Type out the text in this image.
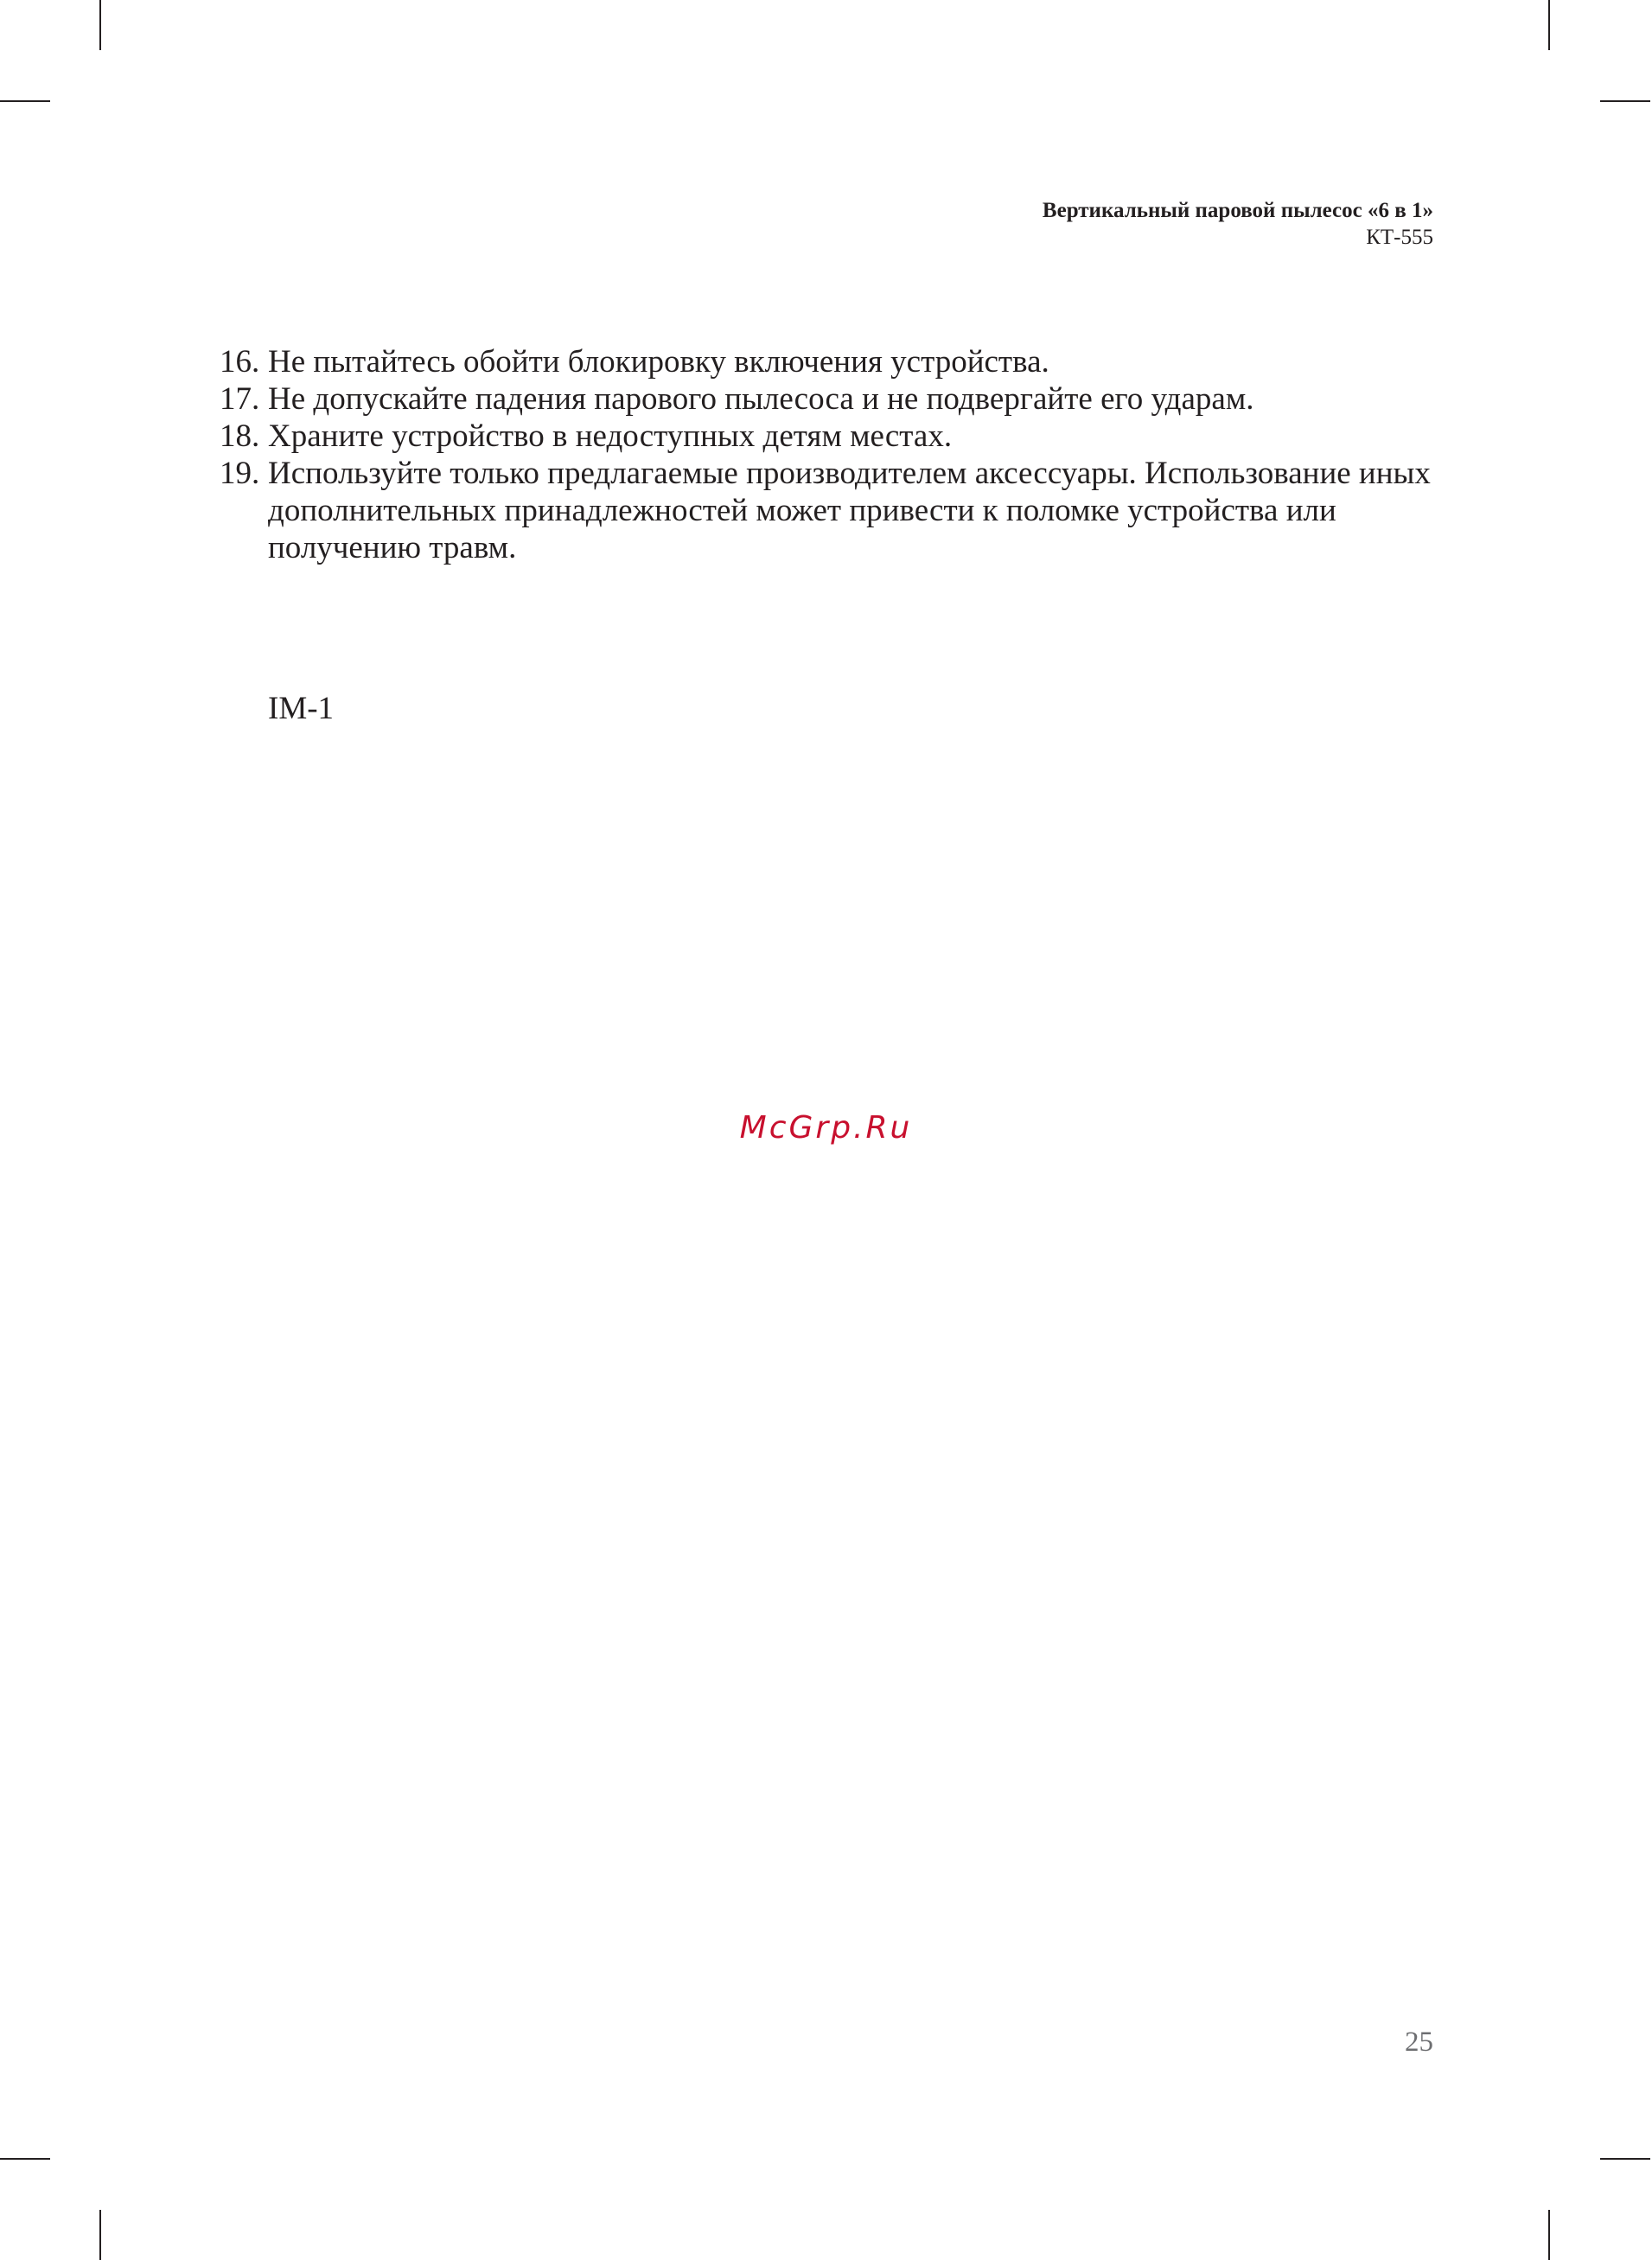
Вертикальный паровой пылесос «6 в 1»
КТ-555
16. Не пытайтесь обойти блокировку включения устройства.
17. Не допускайте падения парового пылесоса и не подвергайте его ударам.
18. Храните устройство в недоступных детям местах.
19. Используйте только предлагаемые производителем аксессуары. Использование иных дополнительных принадлежностей может привести к поломке устройства или получению травм.
IM-1
McGrp.Ru
25
